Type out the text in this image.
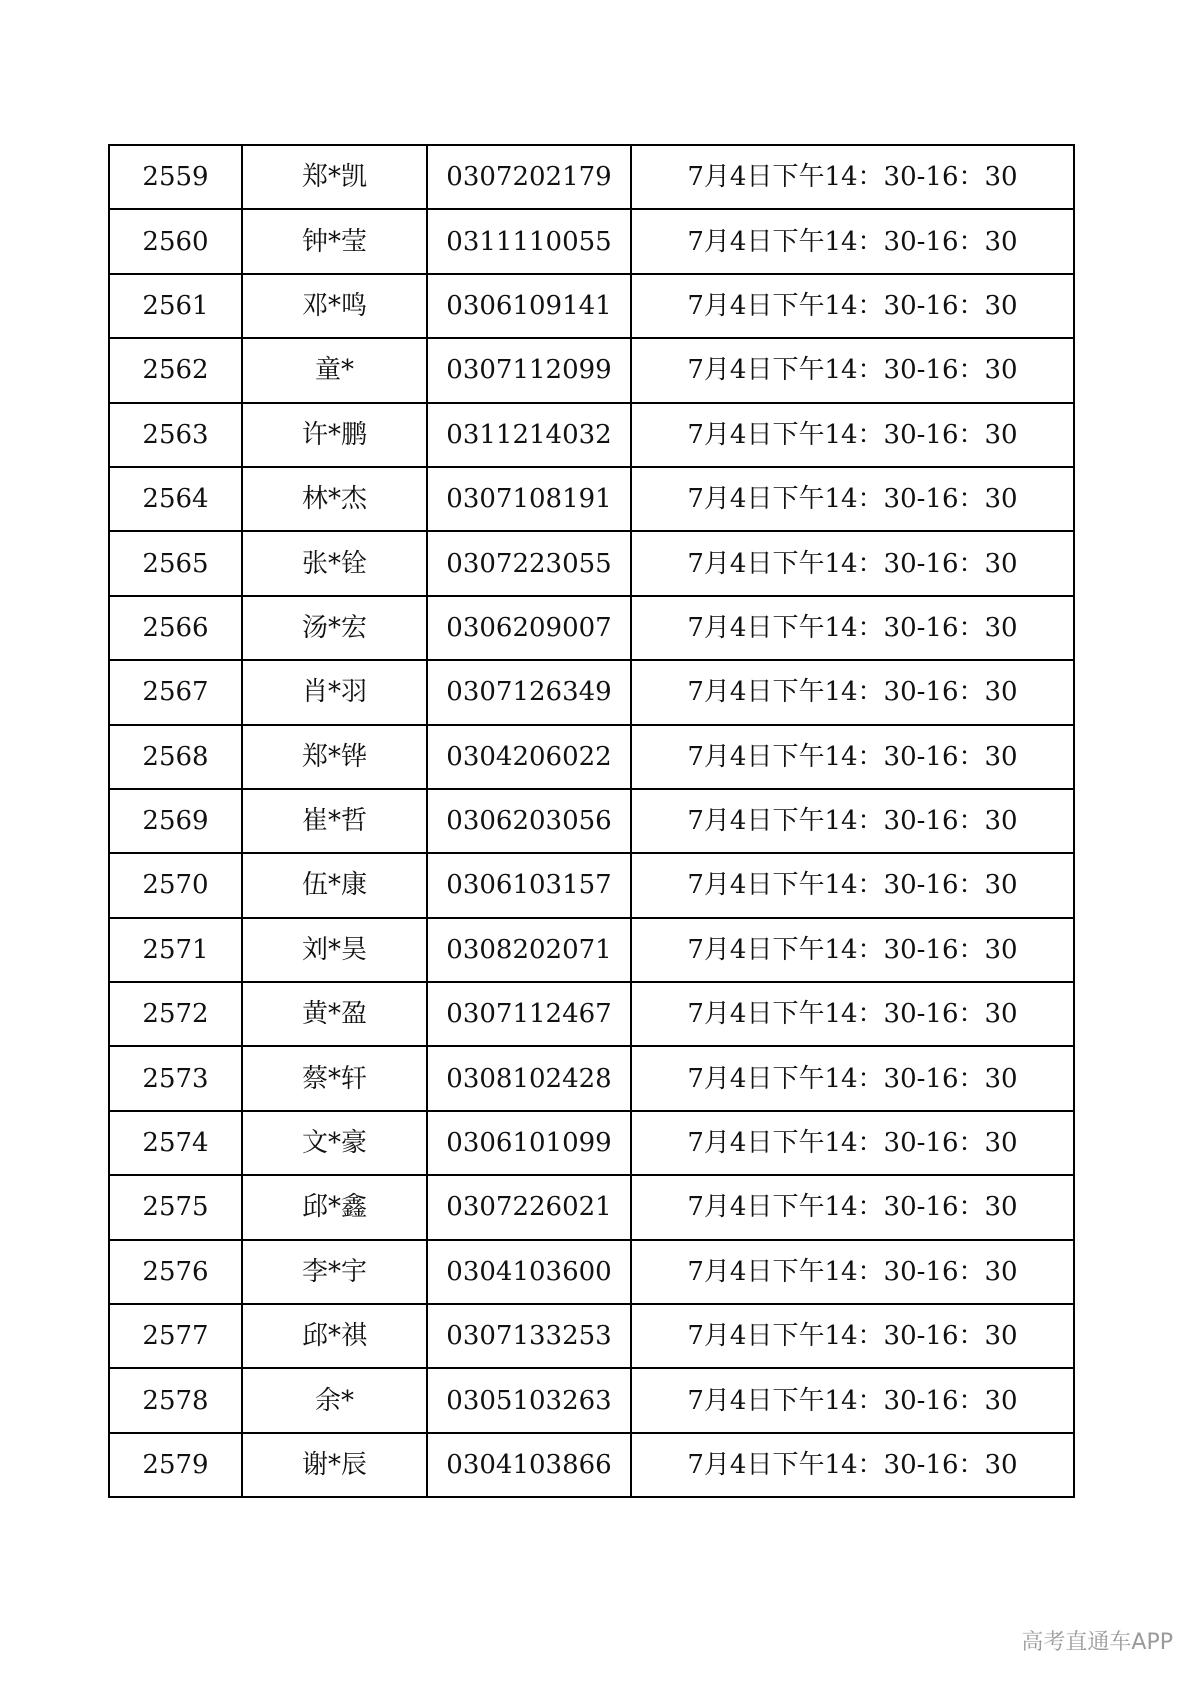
2559	郑*凯	0307202179	7月4日下午14：30-16：30
2560	钟*莹	0311110055	7月4日下午14：30-16：30
2561	邓*鸣	0306109141	7月4日下午14：30-16：30
2562	童*	0307112099	7月4日下午14：30-16：30
2563	许*鹏	0311214032	7月4日下午14：30-16：30
2564	林*杰	0307108191	7月4日下午14：30-16：30
2565	张*铨	0307223055	7月4日下午14：30-16：30
2566	汤*宏	0306209007	7月4日下午14：30-16：30
2567	肖*羽	0307126349	7月4日下午14：30-16：30
2568	郑*铧	0304206022	7月4日下午14：30-16：30
2569	崔*哲	0306203056	7月4日下午14：30-16：30
2570	伍*康	0306103157	7月4日下午14：30-16：30
2571	刘*昊	0308202071	7月4日下午14：30-16：30
2572	黄*盈	0307112467	7月4日下午14：30-16：30
2573	蔡*轩	0308102428	7月4日下午14：30-16：30
2574	文*豪	0306101099	7月4日下午14：30-16：30
2575	邱*鑫	0307226021	7月4日下午14：30-16：30
2576	李*宇	0304103600	7月4日下午14：30-16：30
2577	邱*祺	0307133253	7月4日下午14：30-16：30
2578	余*	0305103263	7月4日下午14：30-16：30
2579	谢*辰	0304103866	7月4日下午14：30-16：30
高考直通车APP
